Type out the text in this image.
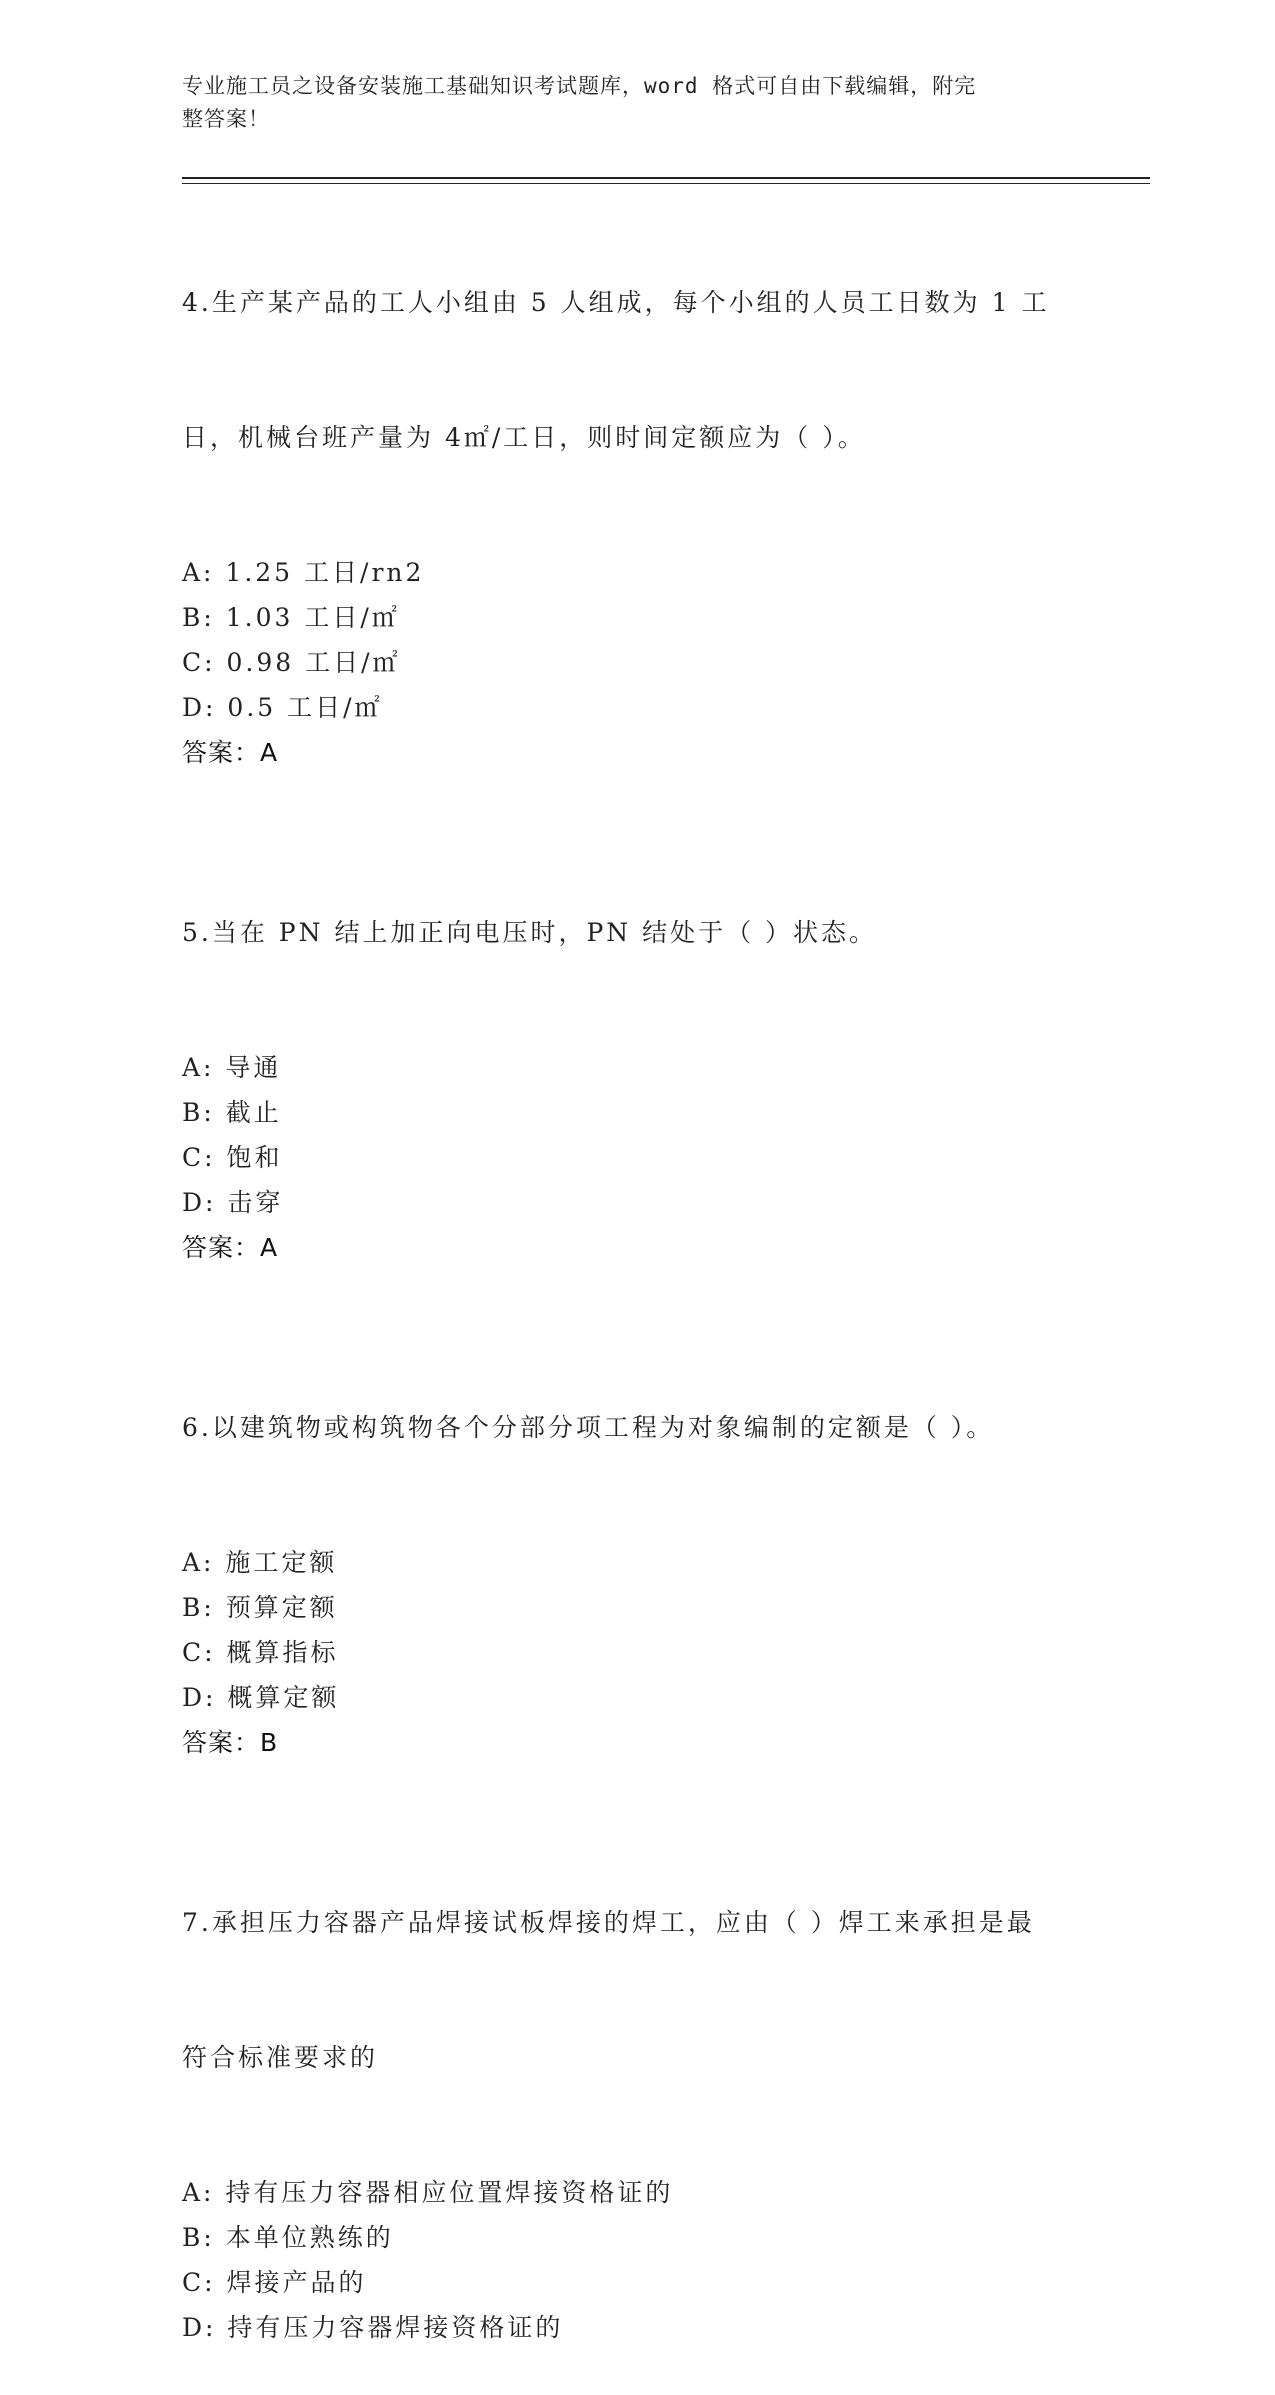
专业施工员之设备安装施工基础知识考试题库，word 格式可自由下载编辑，附完
整答案！

4.生产某产品的工人小组由 5 人组成，每个小组的人员工日数为 1 工

日，机械台班产量为 4㎡/工日，则时间定额应为（ ）。

A: 1.25 工日/rn2
B: 1.03 工日/㎡
C: 0.98 工日/㎡
D: 0.5 工日/㎡
答案：A

5.当在 PN 结上加正向电压时，PN 结处于（ ）状态。

A: 导通
B: 截止
C: 饱和
D: 击穿
答案：A

6.以建筑物或构筑物各个分部分项工程为对象编制的定额是（ ）。

A: 施工定额
B: 预算定额
C: 概算指标
D: 概算定额
答案：B

7.承担压力容器产品焊接试板焊接的焊工，应由（ ）焊工来承担是最

符合标准要求的

A: 持有压力容器相应位置焊接资格证的
B: 本单位熟练的
C: 焊接产品的
D: 持有压力容器焊接资格证的
